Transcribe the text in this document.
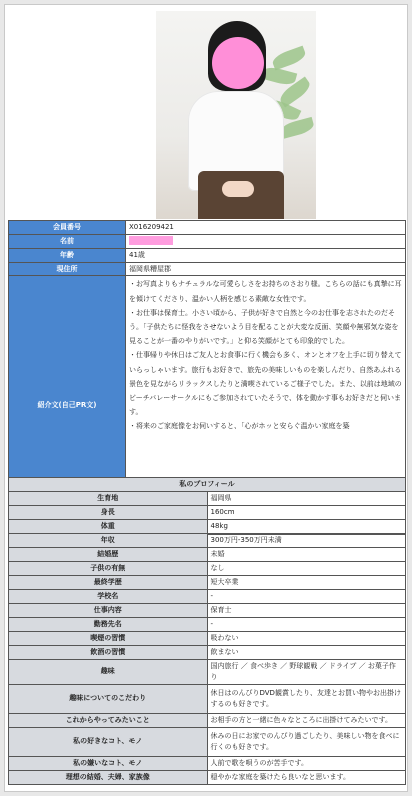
会員番号	X016209421
名前	
年齢	41歳
現住所	福岡県糟屋郡
紹介文(自己PR文)	・お写真よりもナチュラルな可愛らしさをお持ちのさおり様。こちらの話にも真摯に耳を傾けてくださり、温かい人柄を感じる素敵な女性です。

・お仕事は保育士。小さい頃から、子供が好きで自然と今のお仕事を志されたのだそう。「子供たちに怪我をさせないよう目を配ることが大変な反面、笑顔や無邪気な姿を見ることが一番のやりがいです。」と仰る笑顔がとても印象的でした。

・仕事帰りや休日はご友人とお食事に行く機会も多く、オンとオフを上手に切り替えていらっしゃいます。旅行もお好きで、旅先の美味しいものを楽しんだり、自然あふれる景色を見ながらリラックスしたりと満喫されているご様子でした。また、以前は地域のビーチバレーサークルにもご参加されていたそうで、体を動かす事もお好きだと伺います。

・将来のご家庭像をお伺いすると、「心がホッと安らぐ温かい家庭を築

私のプロフィール	
生育地	福岡県
身長	160cm
体重	48kg
年収	300万円-350万円未満
結婚歴	未婚
子供の有無	なし
最終学歴	短大卒業
学校名	-
仕事内容	保育士
勤務先名	-
喫煙の習慣	吸わない
飲酒の習慣	飲まない
趣味	国内旅行 ／ 食べ歩き ／ 野球観戦 ／ ドライブ ／ お菓子作り
趣味についてのこだわり	休日はのんびりDVD観賞したり、友達とお買い物やお出掛けするのも好きです。
これからやってみたいこと	お相手の方と一緒に色々なところに出掛けてみたいです。
私の好きなコト、モノ	休みの日にお家でのんびり過ごしたり、美味しい物を食べに行くのも好きです。
私の嫌いなコト、モノ	人前で歌を唄うのが苦手です。
理想の結婚、夫婦、家族像	穏やかな家庭を築けたら良いなと思います。
